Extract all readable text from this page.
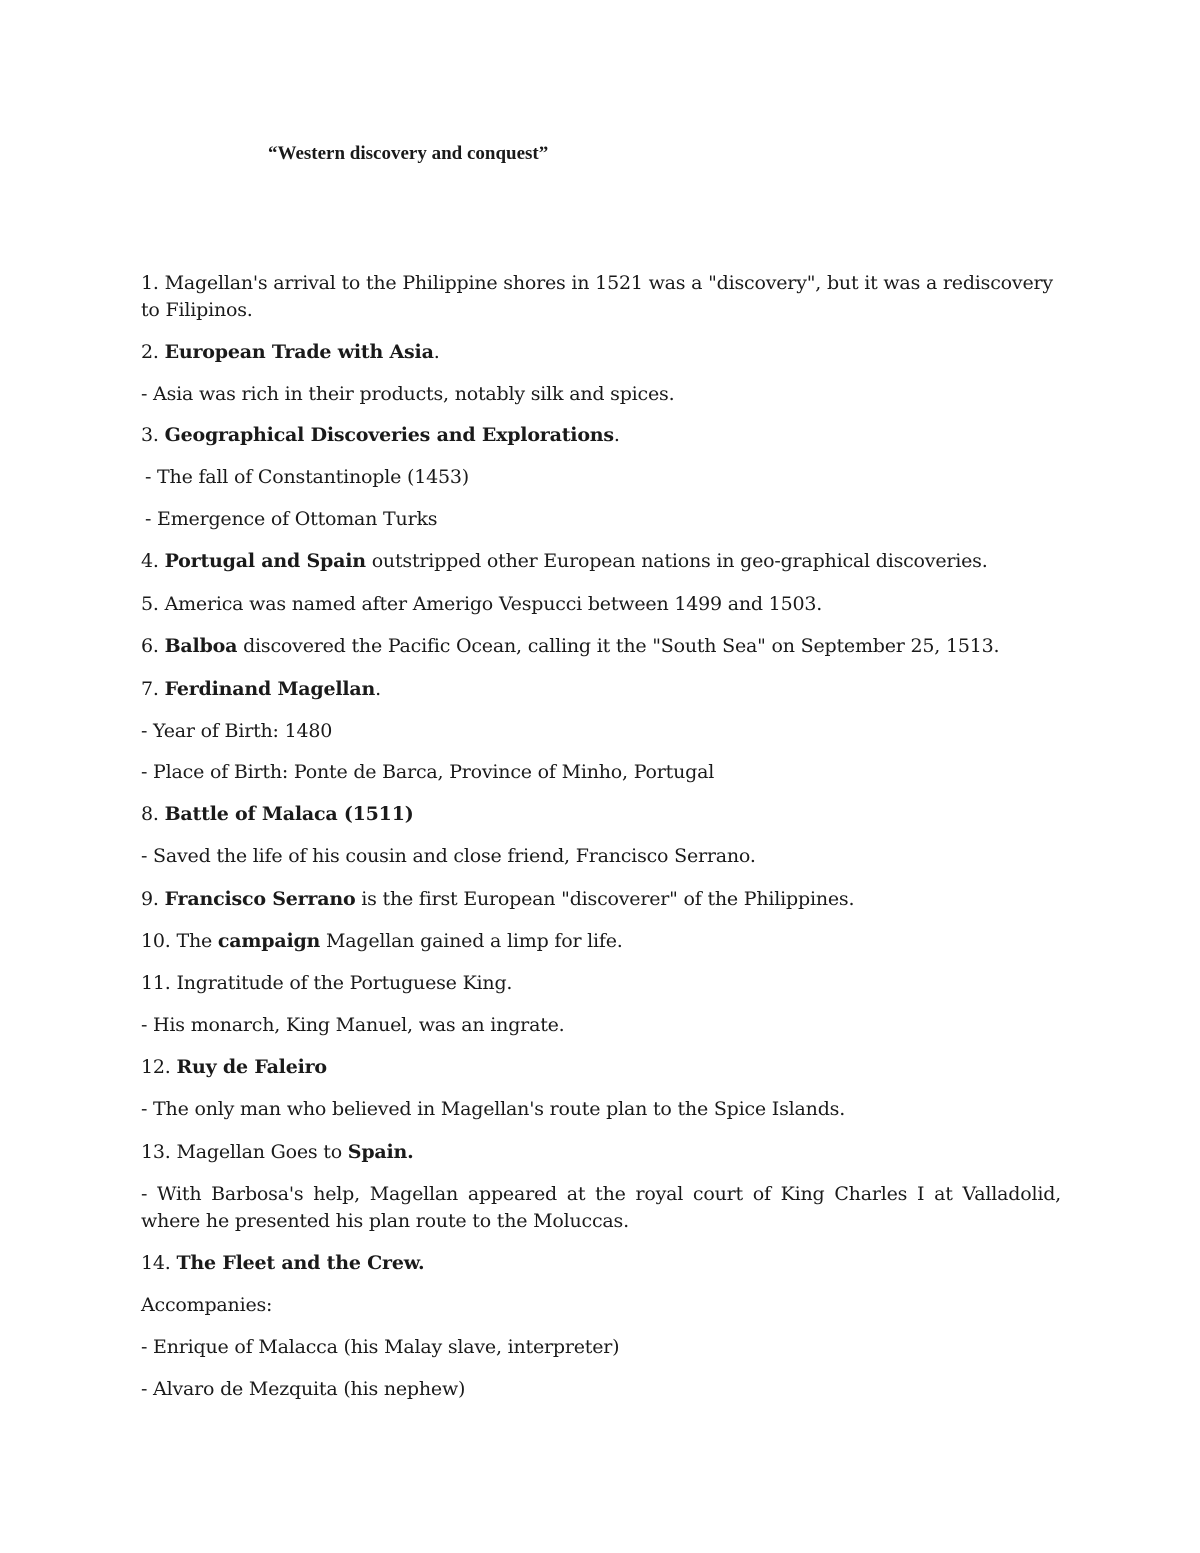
“Western discovery and conquest”

1. Magellan's arrival to the Philippine shores in 1521 was a "discovery", but it was a rediscovery to Filipinos.

2. European Trade with Asia.

- Asia was rich in their products, notably silk and spices.

3. Geographical Discoveries and Explorations.

- The fall of Constantinople (1453)

- Emergence of Ottoman Turks

4. Portugal and Spain outstripped other European nations in geo-graphical discoveries.

5. America was named after Amerigo Vespucci between 1499 and 1503.

6. Balboa discovered the Pacific Ocean, calling it the "South Sea" on September 25, 1513.

7. Ferdinand Magellan.

- Year of Birth: 1480

- Place of Birth: Ponte de Barca, Province of Minho, Portugal

8. Battle of Malaca (1511)

- Saved the life of his cousin and close friend, Francisco Serrano.

9. Francisco Serrano is the first European "discoverer" of the Philippines.

10. The campaign Magellan gained a limp for life.

11. Ingratitude of the Portuguese King.

- His monarch, King Manuel, was an ingrate.

12. Ruy de Faleiro

- The only man who believed in Magellan's route plan to the Spice Islands.

13. Magellan Goes to Spain.

- With Barbosa's help, Magellan appeared at the royal court of King Charles I at Valladolid, where he presented his plan route to the Moluccas.

14. The Fleet and the Crew.

Accompanies:

- Enrique of Malacca (his Malay slave, interpreter)

- Alvaro de Mezquita (his nephew)
